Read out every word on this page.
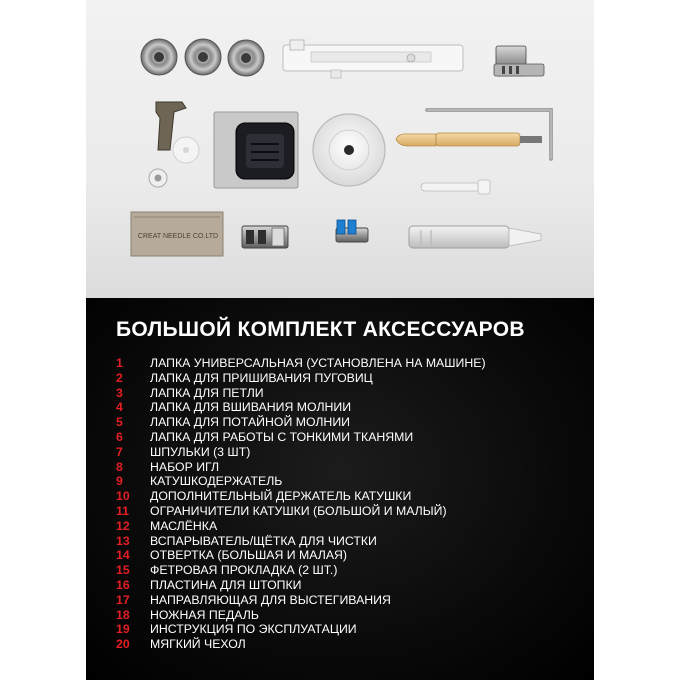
CREAT NEEDLE CO.LTD
БОЛЬШОЙ КОМПЛЕКТ АКСЕССУАРОВ
1 ЛАПКА УНИВЕРСАЛЬНАЯ (УСТАНОВЛЕНА НА МАШИНЕ)
2 ЛАПКА ДЛЯ ПРИШИВАНИЯ ПУГОВИЦ
3 ЛАПКА ДЛЯ ПЕТЛИ
4 ЛАПКА ДЛЯ ВШИВАНИЯ МОЛНИИ
5 ЛАПКА ДЛЯ ПОТАЙНОЙ МОЛНИИ
6 ЛАПКА ДЛЯ РАБОТЫ С ТОНКИМИ ТКАНЯМИ
7 ШПУЛЬКИ (3 ШТ)
8 НАБОР ИГЛ
9 КАТУШКОДЕРЖАТЕЛЬ
10 ДОПОЛНИТЕЛЬНЫЙ ДЕРЖАТЕЛЬ КАТУШКИ
11 ОГРАНИЧИТЕЛИ КАТУШКИ (БОЛЬШОЙ И МАЛЫЙ)
12 МАСЛЁНКА
13 ВСПАРЫВАТЕЛЬ/ЩЁТКА ДЛЯ ЧИСТКИ
14 ОТВЕРТКА (БОЛЬШАЯ И МАЛАЯ)
15 ФЕТРОВАЯ ПРОКЛАДКА (2 ШТ.)
16 ПЛАСТИНА ДЛЯ ШТОПКИ
17 НАПРАВЛЯЮЩАЯ ДЛЯ ВЫСТЕГИВАНИЯ
18 НОЖНАЯ ПЕДАЛЬ
19 ИНСТРУКЦИЯ ПО ЭКСПЛУАТАЦИИ
20 МЯГКИЙ ЧЕХОЛ
